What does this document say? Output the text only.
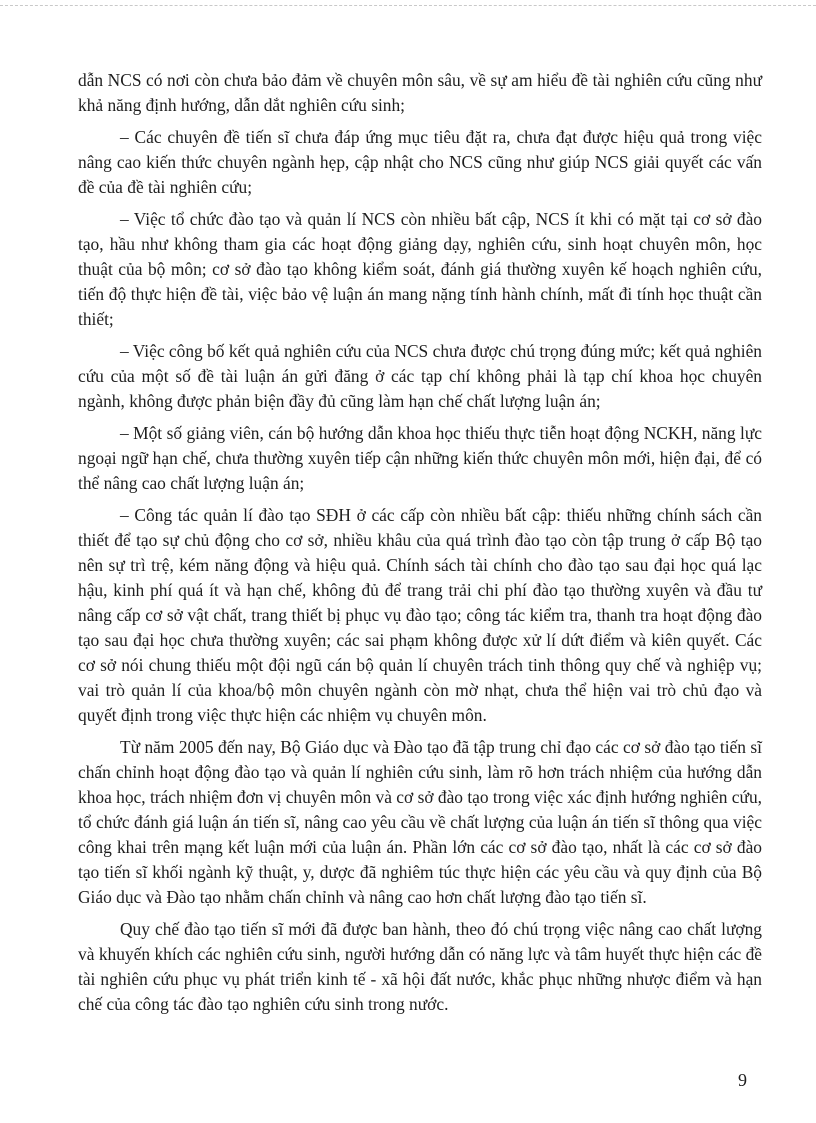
dẫn NCS có nơi còn chưa bảo đảm về chuyên môn sâu, về sự am hiểu đề tài nghiên cứu cũng như khả năng định hướng, dẫn dắt nghiên cứu sinh;

– Các chuyên đề tiến sĩ chưa đáp ứng mục tiêu đặt ra, chưa đạt được hiệu quả trong việc nâng cao kiến thức chuyên ngành hẹp, cập nhật cho NCS cũng như giúp NCS giải quyết các vấn đề của đề tài nghiên cứu;

– Việc tổ chức đào tạo và quản lí NCS còn nhiều bất cập, NCS ít khi có mặt tại cơ sở đào tạo, hầu như không tham gia các hoạt động giảng dạy, nghiên cứu, sinh hoạt chuyên môn, học thuật của bộ môn; cơ sở đào tạo không kiểm soát, đánh giá thường xuyên kế hoạch nghiên cứu, tiến độ thực hiện đề tài, việc bảo vệ luận án mang nặng tính hành chính, mất đi tính học thuật cần thiết;

– Việc công bố kết quả nghiên cứu của NCS chưa được chú trọng đúng mức; kết quả nghiên cứu của một số đề tài luận án gửi đăng ở các tạp chí không phải là tạp chí khoa học chuyên ngành, không được phản biện đầy đủ cũng làm hạn chế chất lượng luận án;

– Một số giảng viên, cán bộ hướng dẫn khoa học thiếu thực tiễn hoạt động NCKH, năng lực ngoại ngữ hạn chế, chưa thường xuyên tiếp cận những kiến thức chuyên môn mới, hiện đại, để có thể nâng cao chất lượng luận án;

– Công tác quản lí đào tạo SĐH ở các cấp còn nhiều bất cập: thiếu những chính sách cần thiết để tạo sự chủ động cho cơ sở, nhiều khâu của quá trình đào tạo còn tập trung ở cấp Bộ tạo nên sự trì trệ, kém năng động và hiệu quả. Chính sách tài chính cho đào tạo sau đại học quá lạc hậu, kinh phí quá ít và hạn chế, không đủ để trang trải chi phí đào tạo thường xuyên và đầu tư nâng cấp cơ sở vật chất, trang thiết bị phục vụ đào tạo; công tác kiểm tra, thanh tra hoạt động đào tạo sau đại học chưa thường xuyên; các sai phạm không được xử lí dứt điểm và kiên quyết. Các cơ sở nói chung thiếu một đội ngũ cán bộ quản lí chuyên trách tinh thông quy chế và nghiệp vụ; vai trò quản lí của khoa/bộ môn chuyên ngành còn mờ nhạt, chưa thể hiện vai trò chủ đạo và quyết định trong việc thực hiện các nhiệm vụ chuyên môn.

Từ năm 2005 đến nay, Bộ Giáo dục và Đào tạo đã tập trung chỉ đạo các cơ sở đào tạo tiến sĩ chấn chỉnh hoạt động đào tạo và quản lí nghiên cứu sinh, làm rõ hơn trách nhiệm của hướng dẫn khoa học, trách nhiệm đơn vị chuyên môn và cơ sở đào tạo trong việc xác định hướng nghiên cứu, tổ chức đánh giá luận án tiến sĩ, nâng cao yêu cầu về chất lượng của luận án tiến sĩ thông qua việc công khai trên mạng kết luận mới của luận án. Phần lớn các cơ sở đào tạo, nhất là các cơ sở đào tạo tiến sĩ khối ngành kỹ thuật, y, dược đã nghiêm túc thực hiện các yêu cầu và quy định của Bộ Giáo dục và Đào tạo nhằm chấn chỉnh và nâng cao hơn chất lượng đào tạo tiến sĩ.

Quy chế đào tạo tiến sĩ mới đã được ban hành, theo đó chú trọng việc nâng cao chất lượng và khuyến khích các nghiên cứu sinh, người hướng dẫn có năng lực và tâm huyết thực hiện các đề tài nghiên cứu phục vụ phát triển kinh tế - xã hội đất nước, khắc phục những nhược điểm và hạn chế của công tác đào tạo nghiên cứu sinh trong nước.

9
